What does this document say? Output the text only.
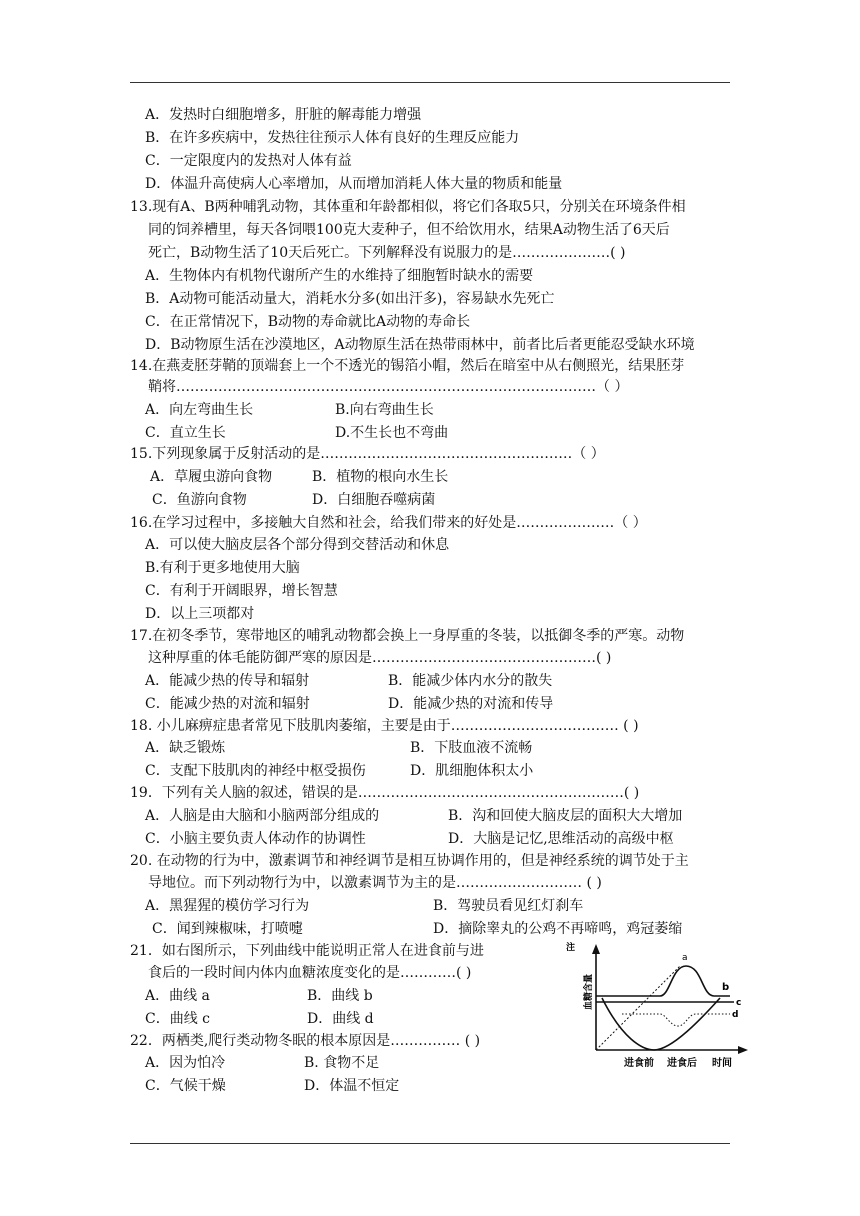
A．发热时白细胞增多，肝脏的解毒能力增强
B．在许多疾病中，发热往往预示人体有良好的生理反应能力
C．一定限度内的发热对人体有益
D．体温升高使病人心率增加，从而增加消耗人体大量的物质和能量
13.现有A、B两种哺乳动物，其体重和年龄都相似，将它们各取5只，分别关在环境条件相
同的饲养槽里，每天各饲喂100克大麦种子，但不给饮用水，结果A动物生活了6天后
死亡，B动物生活了10天后死亡。下列解释没有说服力的是…………………( )
A．生物体内有机物代谢所产生的水维持了细胞暂时缺水的需要
B．A动物可能活动量大，消耗水分多(如出汗多)，容易缺水先死亡
C．在正常情况下，B动物的寿命就比A动物的寿命长
D．B动物原生活在沙漠地区，A动物原生活在热带雨林中，前者比后者更能忍受缺水环境
14.在燕麦胚芽鞘的顶端套上一个不透光的锡箔小帽，然后在暗室中从右侧照光，结果胚芽
鞘将………………………………………………………………………………（ ）
A．向左弯曲生长	B.向右弯曲生长
C．直立生长	D.不生长也不弯曲
15.下列现象属于反射活动的是………………………………………………（ ）
A．草履虫游向食物	B．植物的根向水生长
C．鱼游向食物	D．白细胞吞噬病菌
16.在学习过程中，多接触大自然和社会，给我们带来的好处是…………………（ ）
A．可以使大脑皮层各个部分得到交替活动和休息
B.有利于更多地使用大脑
C．有利于开阔眼界，增长智慧
D．以上三项都对
17.在初冬季节，寒带地区的哺乳动物都会换上一身厚重的冬装，以抵御冬季的严寒。动物
这种厚重的体毛能防御严寒的原因是…………………………………………( )
A．能减少热的传导和辐射	B．能减少体内水分的散失
C．能减少热的对流和辐射	D．能减少热的对流和传导
18. 小儿麻痹症患者常见下肢肌肉萎缩，主要是由于……………………………… ( )
A．缺乏锻炼	B．下肢血液不流畅
C．支配下肢肌肉的神经中枢受损伤	D．肌细胞体积太小
19．下列有关人脑的叙述，错误的是…………………………………………………( )
A．人脑是由大脑和小脑两部分组成的	B．沟和回使大脑皮层的面积大大增加
C．小脑主要负责人体动作的协调性	D．大脑是记忆,思维活动的高级中枢
20. 在动物的行为中，激素调节和神经调节是相互协调作用的，但是神经系统的调节处于主
导地位。而下列动物行为中，以激素调节为主的是……………………… ( )
A．黑猩猩的模仿学习行为	B．驾驶员看见红灯刹车
C．闻到辣椒味，打喷嚏	D．摘除睾丸的公鸡不再啼鸣，鸡冠萎缩
21．如右图所示，下列曲线中能说明正常人在进食前与进
食后的一段时间内体内血糖浓度变化的是…………( )
A．曲线 a	B．曲线 b
C．曲线 c	D．曲线 d
22．两栖类,爬行类动物冬眠的根本原因是…………… ( )
A．因为怕冷	B. 食物不足
C．气候干燥	D．体温不恒定
注
血糖含量
a
b
c
d
进食前 进食后 时间
